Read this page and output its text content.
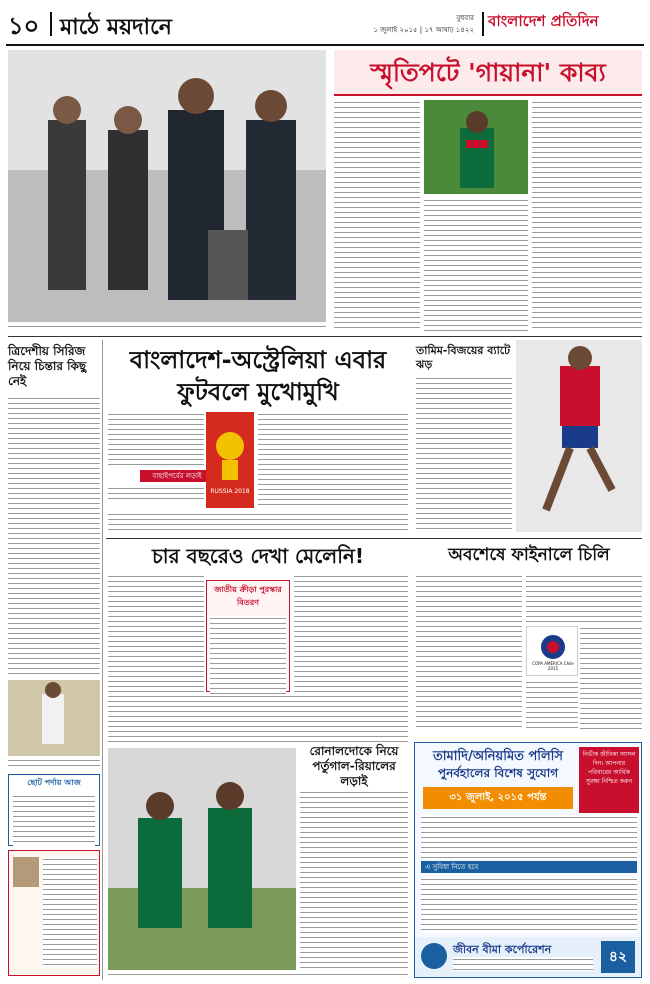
১০ মাঠে ময়দানে	বুধবার
১ জুলাই ২০১৫ | ১৭ আষাঢ় ১৪২২ বাংলাদেশ প্রতিদিন
স্মৃতিপটে 'গায়ানা' কাব্য
ত্রিদেশীয় সিরিজ নিয়ে চিন্তার কিছু নেই
ছোট পর্দায় আজ
বাংলাদেশ-অস্ট্রেলিয়া এবার
ফুটবলে মুখোমুখি
তামিম-বিজয়ের ব্যাটে ঝড়
বাছাইপর্বের লড়াই
RUSSIA 2018
চার বছরেও দেখা মেলেনি!	অবশেষে ফাইনালে চিলি
জাতীয় ক্রীড়া পুরস্কার বিতরণ
COPA AMÉRICA Chile 2015
রোনালদোকে নিয়ে পর্তুগাল-রিয়ালের লড়াই
তামাদি/অনিয়মিত পলিসি
পুনর্বহালের বিশেষ সুযোগ
৩১ জুলাই, ২০১৫ পর্যন্ত
নির্ভীক জীবিকা আসল দিন। আপনার পরিবারের আর্থিক সুরক্ষা নিশ্চিত করুন
এ সুবিধা নিতে হবে
জীবন বীমা কর্পোরেশন	৪২
